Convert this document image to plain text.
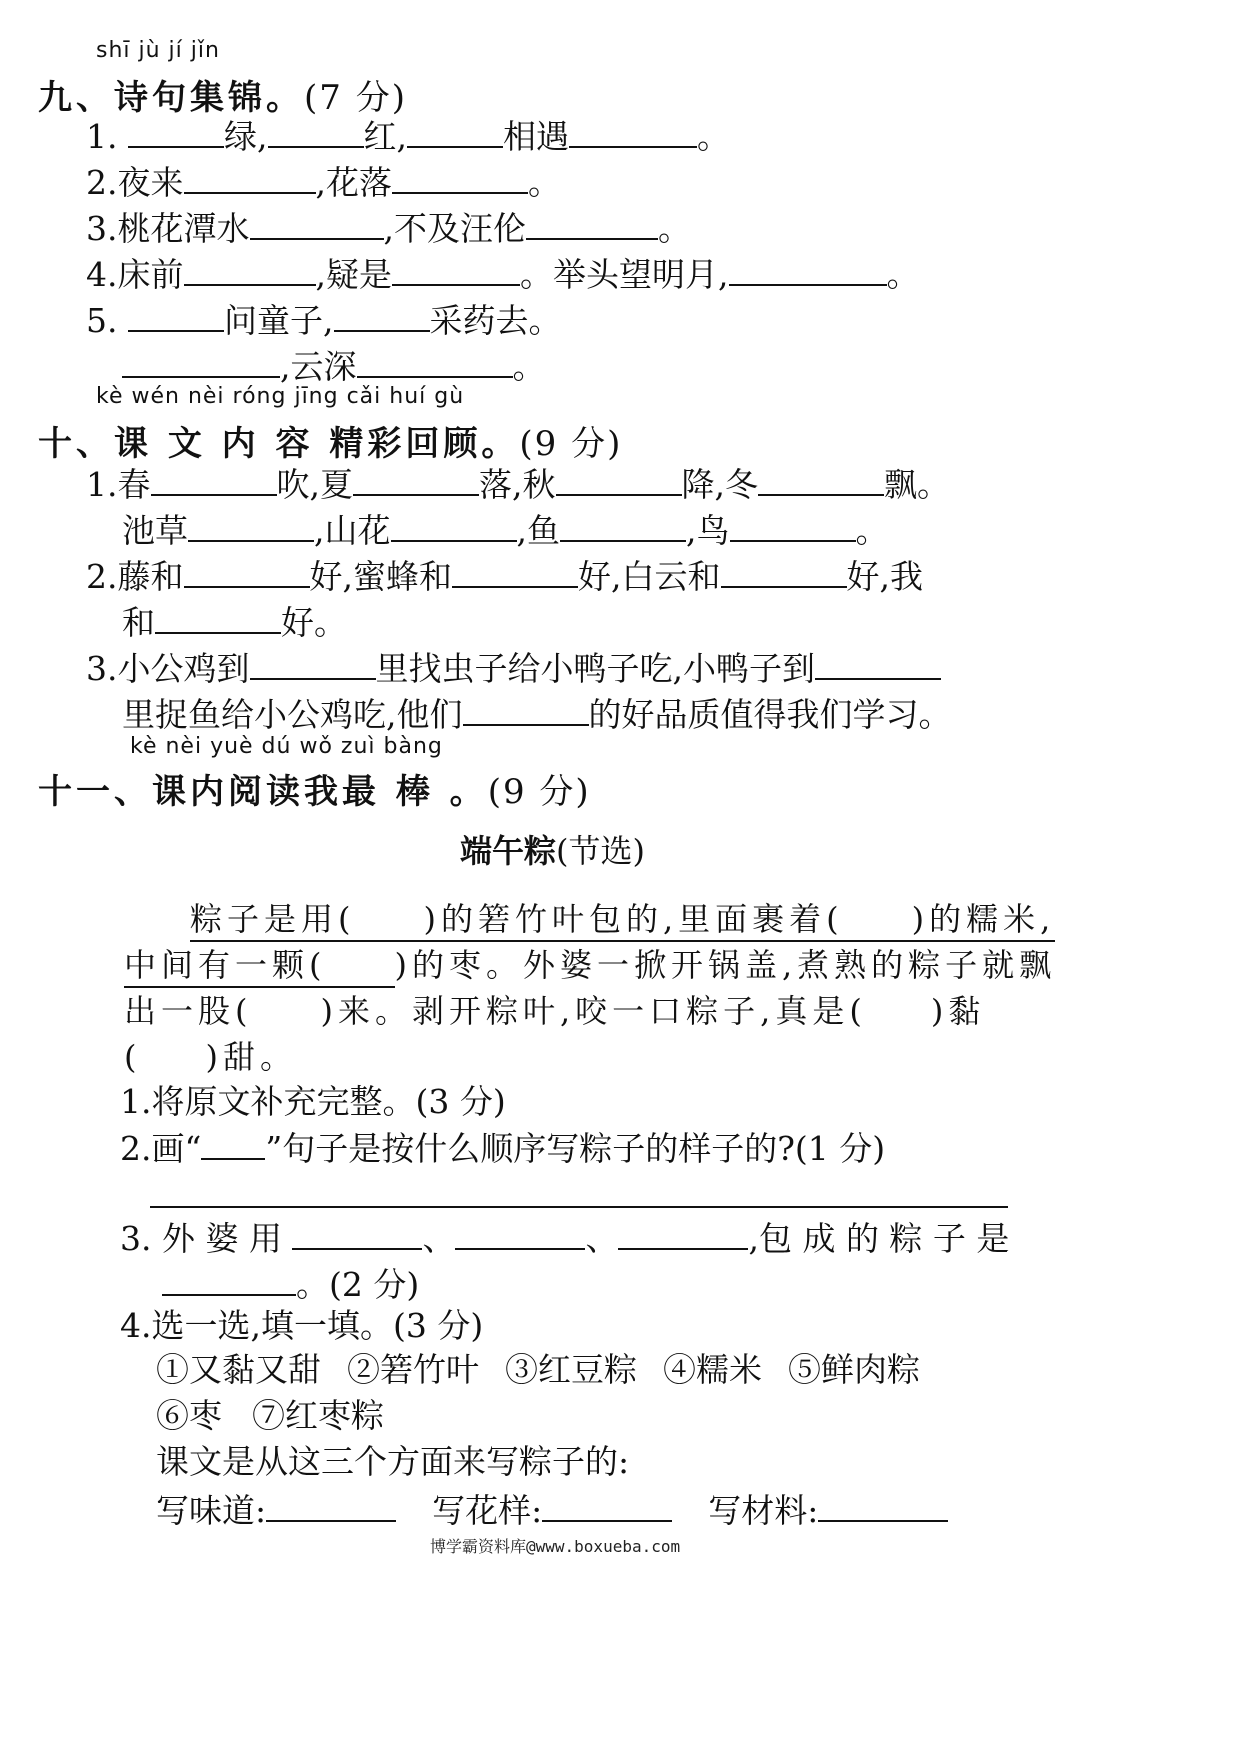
shī jù jí jǐn
九、诗句集锦。(7 分)
1.	绿,	红,	相遇	。
2.夜来	,花落	。
3.桃花潭水	,不及汪伦	。
4.床前	,疑是	。举头望明月,	。
5.	问童子,	采药去。
,云深	。
kè wén nèi róng jīng cǎi huí gù
十、课 文 内 容 精彩回顾。(9 分)
1.春	吹,夏	落,秋	降,冬	飘。
池草	,山花	,鱼	,鸟	。
2.藤和	好,蜜蜂和	好,白云和	好,我
和	好。
3.小公鸡到	里找虫子给小鸭子吃,小鸭子到
里捉鱼给小公鸡吃,他们	的好品质值得我们学习。
kè nèi yuè dú wǒ zuì bàng
十一、课内阅读我最 棒 。(9 分)
端午粽(节选)
粽子是用( )的箬竹叶包的,里面裹着( )的糯米,
中间有一颗( )的枣。外婆一掀开锅盖,煮熟的粽子就飘
出一股( )来。剥开粽叶,咬一口粽子,真是( )黏
( )甜。
1.将原文补充完整。(3 分)
2.画“ ”句子是按什么顺序写粽子的样子的?(1 分)
3. 外 婆 用	、	、	,包 成 的 粽 子 是
。(2 分)
4.选一选,填一填。(3 分)
①又黏又甜 ②箬竹叶 ③红豆粽 ④糯米 ⑤鲜肉粽
⑥枣 ⑦红枣粽
课文是从这三个方面来写粽子的:
写味道:	写花样:	写材料:
博学霸资料库@www.boxueba.com
